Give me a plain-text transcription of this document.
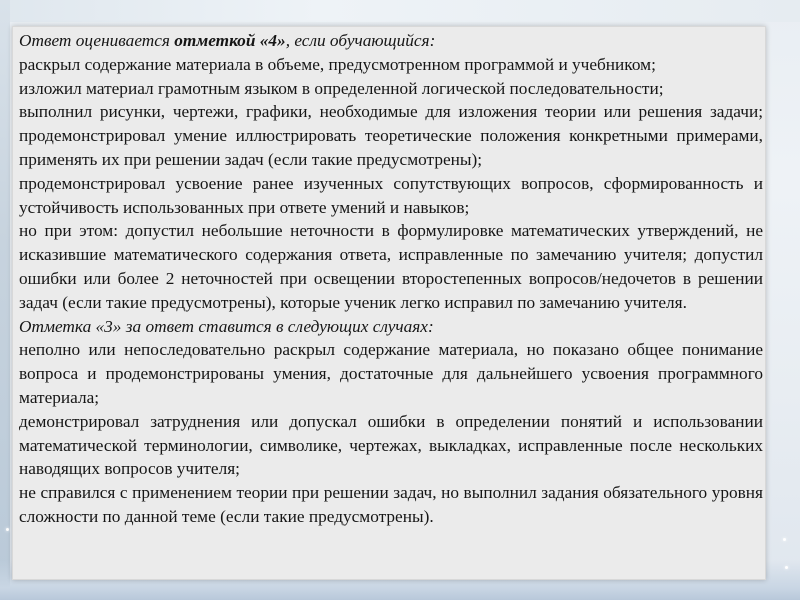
Ответ оценивается отметкой «4», если обучающийся:

раскрыл содержание материала в объеме, предусмотренном программой и учебником;

изложил материал грамотным языком в определенной логической последовательности;

выполнил рисунки, чертежи, графики, необходимые для изложения теории или решения задачи; продемонстрировал умение иллюстрировать теоретические положения конкретными примерами, применять их при решении задач (если такие предусмотрены);

продемонстрировал усвоение ранее изученных сопутствующих вопросов, сформированность и устойчивость использованных при ответе умений и навыков;

но при этом: допустил небольшие неточности в формулировке математических утверждений, не исказившие математического содержания ответа, исправленные по замечанию учителя; допустил ошибки или более 2 неточностей при освещении второстепенных вопросов/недочетов в решении задач (если такие предусмотрены), которые ученик легко исправил по замечанию учителя.

Отметка «3» за ответ ставится в следующих случаях:

неполно или непоследовательно раскрыл содержание материала, но показано общее понимание вопроса и продемонстрированы умения, достаточные для дальнейшего усвоения программного материала;

демонстрировал затруднения или допускал ошибки в определении понятий и использовании математической терминологии, символике, чертежах, выкладках, исправленные после нескольких наводящих вопросов учителя;

не справился с применением теории при решении задач, но выполнил задания обязательного уровня сложности по данной теме (если такие предусмотрены).
